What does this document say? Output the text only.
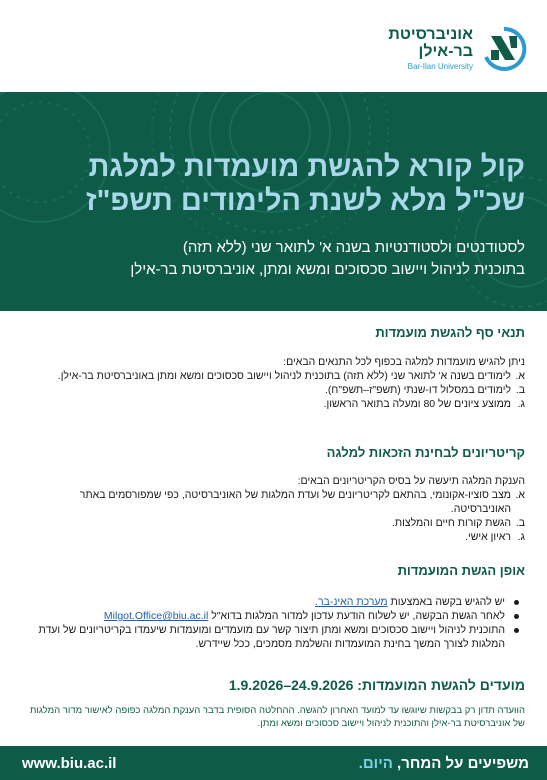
אוניברסיטת
בר-אילן
Bar-Ilan University
קול קורא להגשת מועמדות למלגת שכ"ל מלא לשנת הלימודים תשפ"ז
לסטודנטים ולסטודנטיות בשנה א' לתואר שני (ללא תזה)
בתוכנית לניהול ויישוב סכסוכים ומשא ומתן, אוניברסיטת בר-אילן
תנאי סף להגשת מועמדות
ניתן להגיש מועמדות למלגה בכפוף לכל התנאים הבאים:
א.
לימודים בשנה א' לתואר שני (ללא תזה) בתוכנית לניהול ויישוב סכסוכים ומשא ומתן באוניברסיטת בר-אילן.
ב.
לימודים במסלול דו-שנתי (תשפ"ז–תשפ"ח).
ג.
ממוצע ציונים של 80 ומעלה בתואר הראשון.
קריטריונים לבחינת הזכאות למלגה
הענקת המלגה תיעשה על בסיס הקריטריונים הבאים:
א.
מצב סוציו-אקונומי, בהתאם לקריטריונים של ועדת המלגות של האוניברסיטה, כפי שמפורסמים באתר האוניברסיטה.
ב.
הגשת קורות חיים והמלצות.
ג.
ראיון אישי.
אופן הגשת המועמדות
יש להגיש בקשה באמצעות מערכת האינ-בר.
לאחר הגשת הבקשה, יש לשלוח הודעת עדכון למדור המלגות בדוא"ל Milgot.Office@biu.ac.il
התוכנית לניהול ויישוב סכסוכים ומשא ומתן תיצור קשר עם מועמדים ומועמדות שיעמדו בקריטריונים של ועדת המלגות לצורך המשך בחינת המועמדות והשלמת מסמכים, ככל שיידרש.
מועדים להגשת המועמדות: 1.9.2026–24.9.2026
הוועדה תדון רק בבקשות שיוגשו עד למועד האחרון להגשה. ההחלטה הסופית בדבר הענקת המלגה כפופה לאישור מדור המלגות של אוניברסיטת בר-אילן והתוכנית לניהול ויישוב סכסוכים ומשא ומתן.
משפיעים על המחר, היום.
www.biu.ac.il
